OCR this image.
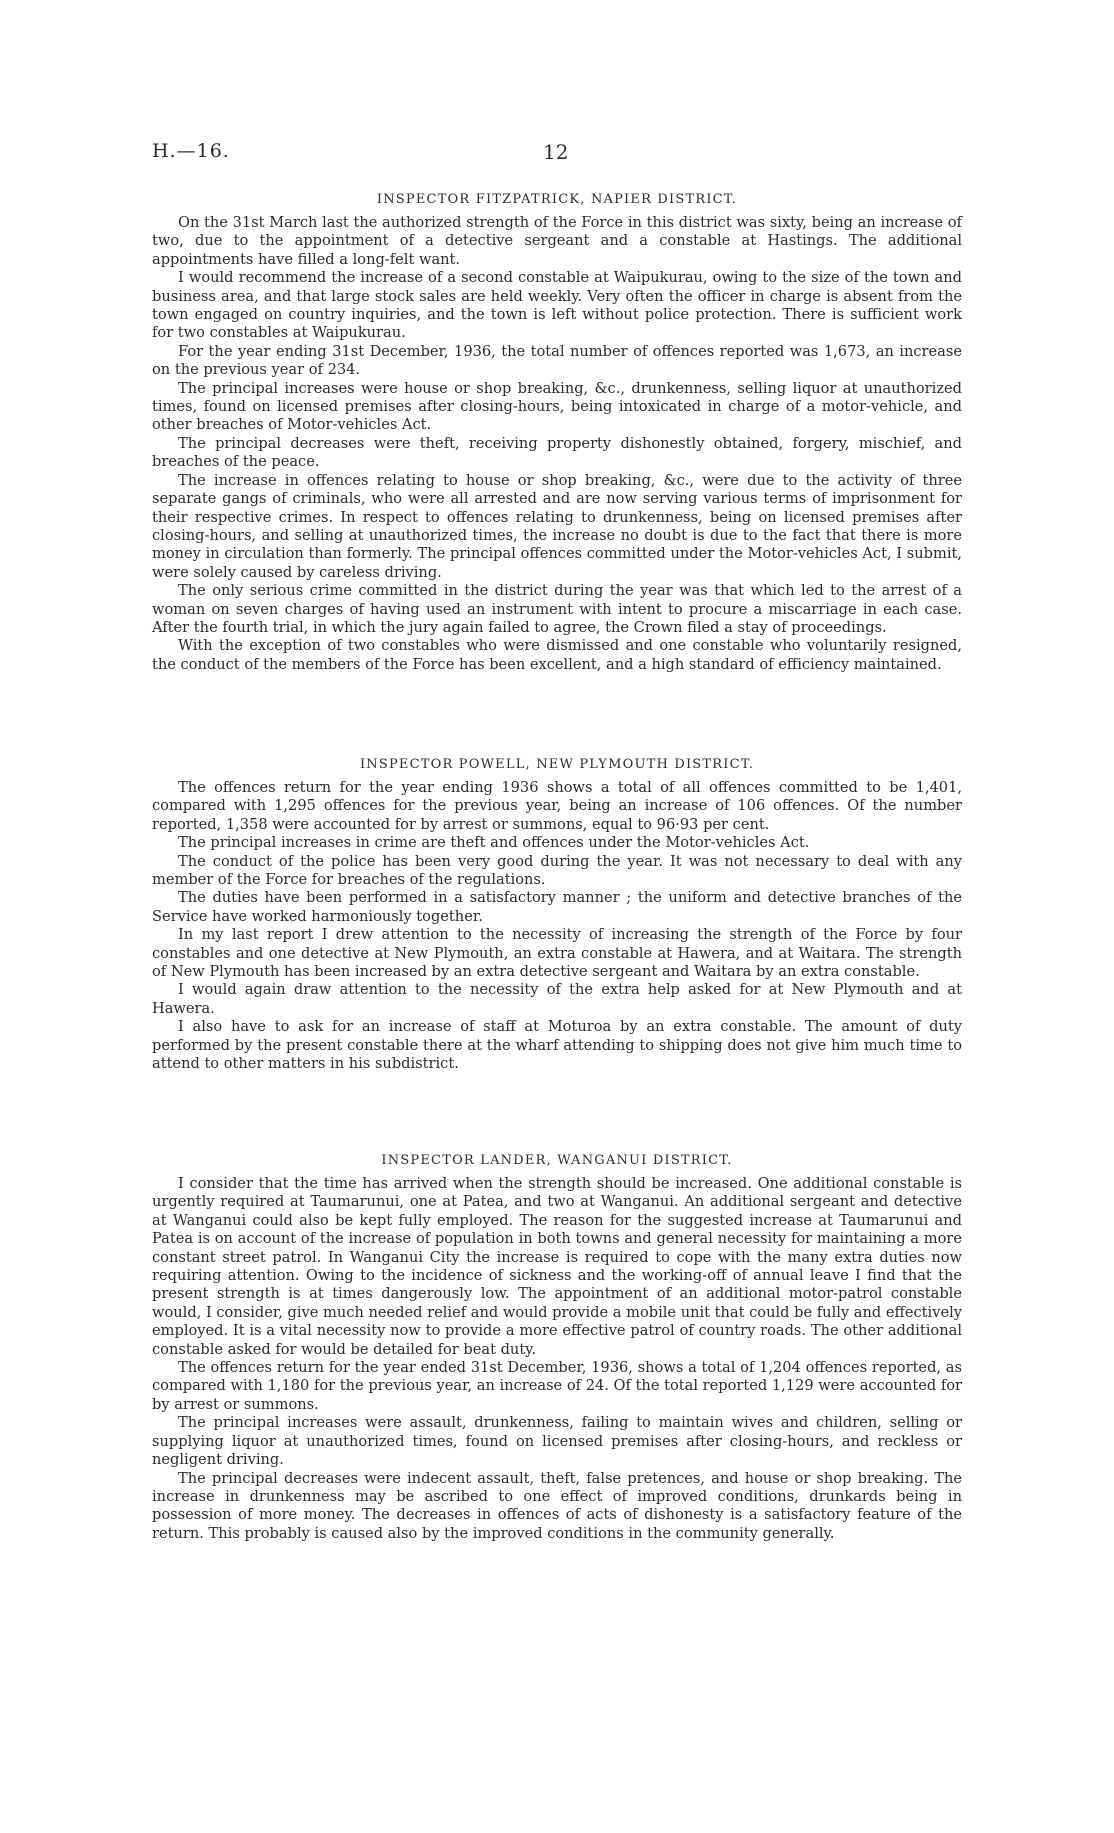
H.—16.	12
INSPECTOR FITZPATRICK, NAPIER DISTRICT.

On the 31st March last the authorized strength of the Force in this district was sixty, being an increase of two, due to the appointment of a detective sergeant and a constable at Hastings. The additional appointments have filled a long-felt want.

I would recommend the increase of a second constable at Waipukurau, owing to the size of the town and business area, and that large stock sales are held weekly. Very often the officer in charge is absent from the town engaged on country inquiries, and the town is left without police protection. There is sufficient work for two constables at Waipukurau.

For the year ending 31st December, 1936, the total number of offences reported was 1,673, an increase on the previous year of 234.

The principal increases were house or shop breaking, &c., drunkenness, selling liquor at unauthorized times, found on licensed premises after closing-hours, being intoxicated in charge of a motor-vehicle, and other breaches of Motor-vehicles Act.

The principal decreases were theft, receiving property dishonestly obtained, forgery, mischief, and breaches of the peace.

The increase in offences relating to house or shop breaking, &c., were due to the activity of three separate gangs of criminals, who were all arrested and are now serving various terms of imprisonment for their respective crimes. In respect to offences relating to drunkenness, being on licensed premises after closing-hours, and selling at unauthorized times, the increase no doubt is due to the fact that there is more money in circulation than formerly. The principal offences committed under the Motor-vehicles Act, I submit, were solely caused by careless driving.

The only serious crime committed in the district during the year was that which led to the arrest of a woman on seven charges of having used an instrument with intent to procure a miscarriage in each case. After the fourth trial, in which the jury again failed to agree, the Crown filed a stay of proceedings.

With the exception of two constables who were dismissed and one constable who voluntarily resigned, the conduct of the members of the Force has been excellent, and a high standard of efficiency maintained.

INSPECTOR POWELL, NEW PLYMOUTH DISTRICT.

The offences return for the year ending 1936 shows a total of all offences committed to be 1,401, compared with 1,295 offences for the previous year, being an increase of 106 offences. Of the number reported, 1,358 were accounted for by arrest or summons, equal to 96·93 per cent.

The principal increases in crime are theft and offences under the Motor-vehicles Act.

The conduct of the police has been very good during the year. It was not necessary to deal with any member of the Force for breaches of the regulations.

The duties have been performed in a satisfactory manner ; the uniform and detective branches of the Service have worked harmoniously together.

In my last report I drew attention to the necessity of increasing the strength of the Force by four constables and one detective at New Plymouth, an extra constable at Hawera, and at Waitara. The strength of New Plymouth has been increased by an extra detective sergeant and Waitara by an extra constable.

I would again draw attention to the necessity of the extra help asked for at New Plymouth and at Hawera.

I also have to ask for an increase of staff at Moturoa by an extra constable. The amount of duty performed by the present constable there at the wharf attending to shipping does not give him much time to attend to other matters in his subdistrict.

INSPECTOR LANDER, WANGANUI DISTRICT.

I consider that the time has arrived when the strength should be increased. One additional constable is urgently required at Taumarunui, one at Patea, and two at Wanganui. An additional sergeant and detective at Wanganui could also be kept fully employed. The reason for the suggested increase at Taumarunui and Patea is on account of the increase of population in both towns and general necessity for maintaining a more constant street patrol. In Wanganui City the increase is required to cope with the many extra duties now requiring attention. Owing to the incidence of sickness and the working-off of annual leave I find that the present strength is at times dangerously low. The appointment of an additional motor-patrol constable would, I consider, give much needed relief and would provide a mobile unit that could be fully and effectively employed. It is a vital necessity now to provide a more effective patrol of country roads. The other additional constable asked for would be detailed for beat duty.

The offences return for the year ended 31st December, 1936, shows a total of 1,204 offences reported, as compared with 1,180 for the previous year, an increase of 24. Of the total reported 1,129 were accounted for by arrest or summons.

The principal increases were assault, drunkenness, failing to maintain wives and children, selling or supplying liquor at unauthorized times, found on licensed premises after closing-hours, and reckless or negligent driving.

The principal decreases were indecent assault, theft, false pretences, and house or shop breaking. The increase in drunkenness may be ascribed to one effect of improved conditions, drunkards being in possession of more money. The decreases in offences of acts of dishonesty is a satisfactory feature of the return. This probably is caused also by the improved conditions in the community generally.
